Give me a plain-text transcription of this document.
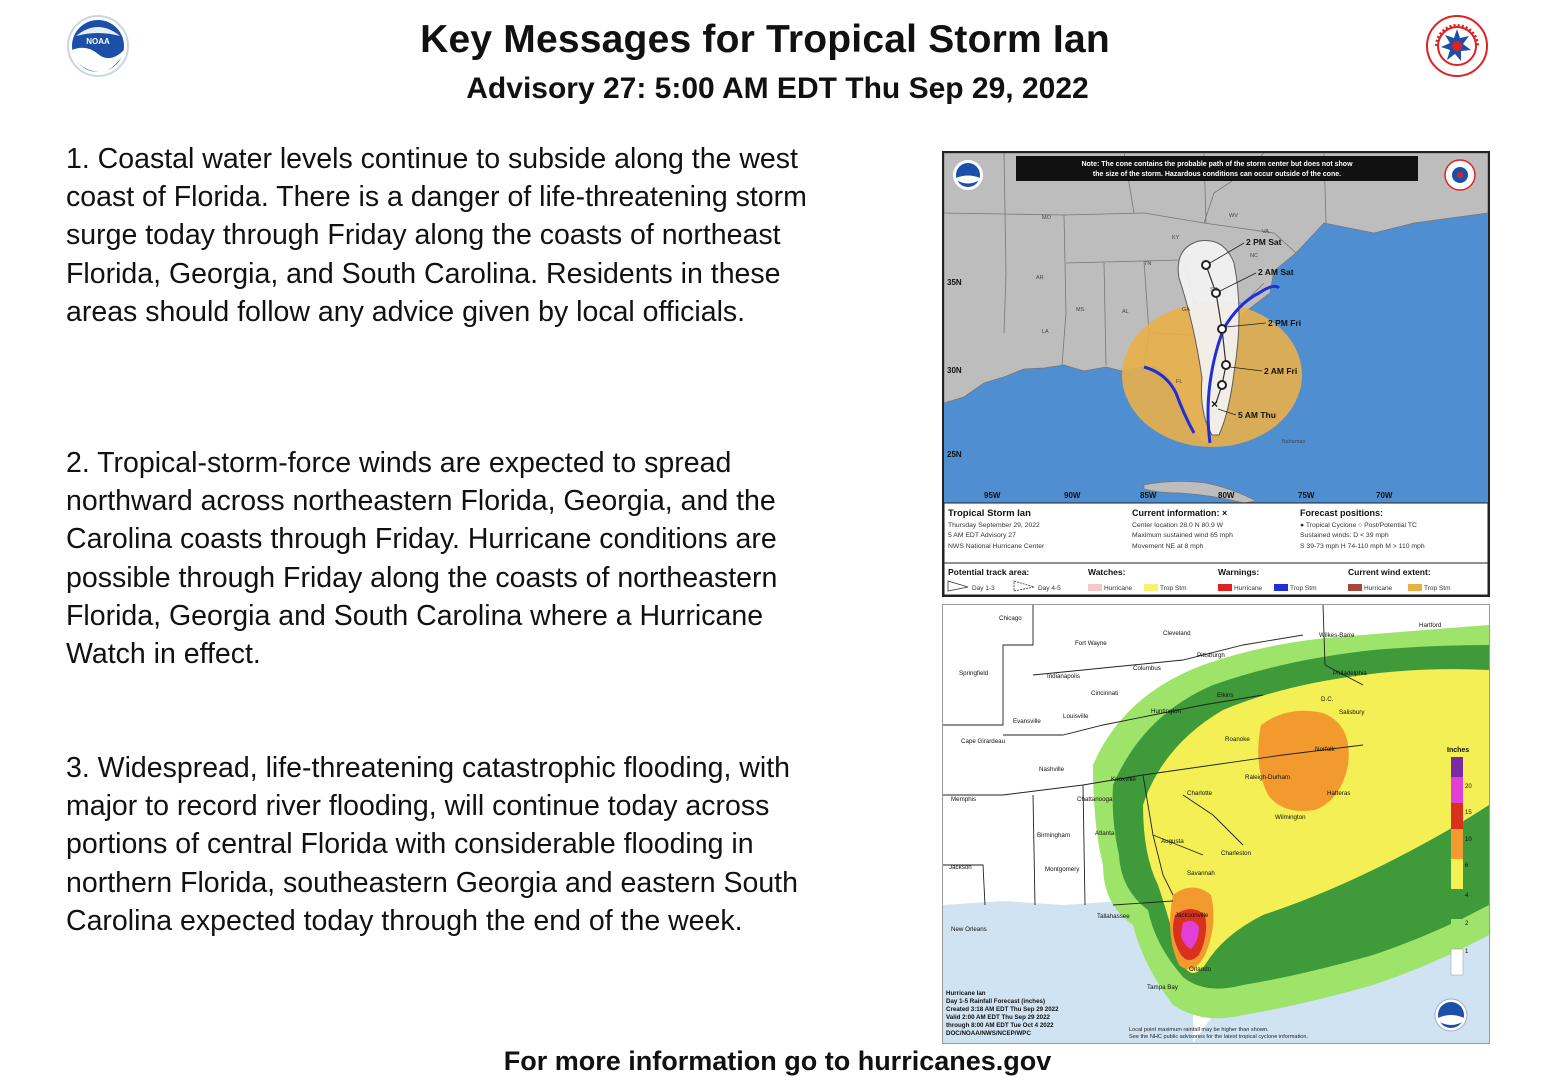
NOAA	Key Messages for Tropical Storm Ian
Advisory 27: 5:00 AM EDT Thu Sep 29, 2022

1. Coastal water levels continue to subside along the west coast of Florida. There is a danger of life-threatening storm surge today through Friday along the coasts of northeast Florida, Georgia, and South Carolina. Residents in these areas should follow any advice given by local officials.

2. Tropical-storm-force winds are expected to spread northward across northeastern Florida, Georgia, and the Carolina coasts through Friday. Hurricane conditions are possible through Friday along the coasts of northeastern Florida, Georgia and South Carolina where a Hurricane Watch in effect.

3. Widespread, life-threatening catastrophic flooding, with major to record river flooding, will continue today across portions of central Florida with considerable flooding in northern Florida, southeastern Georgia and eastern South Carolina expected today through the end of the week.

For more information go to hurricanes.gov
×
2 PM Sat
2 AM Sat
2 PM Fri
2 AM Fri
5 AM Thu
MO
KY
WV
VA
TN
NC
SC
GA
AL
MS
LA
FL
AR
Bahamas
35N
30N
25N
95W	90W	85W	80W	75W	70W
Note: The cone contains the probable path of the storm center but does not show
the size of the storm. Hazardous conditions can occur outside of the cone.
Tropical Storm Ian
Thursday September 29, 2022
5 AM EDT Advisory 27
NWS National Hurricane Center
Current information: ×
Center location 28.0 N 80.9 W
Maximum sustained wind 65 mph
Movement NE at 8 mph
Forecast positions:
● Tropical Cyclone ○ Post/Potential TC
Sustained winds: D < 39 mph
S 39-73 mph H 74-110 mph M > 110 mph
Potential track area:
Day 1-3	Day 4-5
Watches:
Hurricane	Trop Stm
Warnings:
Hurricane	Trop Stm
Current wind extent:
Hurricane	Trop Stm
Inches
20
15
10
6
4
2
1
Chicago
Fort Wayne
Cleveland	Wilkes-Barre
Hartford
Pittsburgh
Columbus
Springfield	Indianapolis	Philadelphia
Cincinnati
D.C.
Louisville
Huntington	Salisbury
Evansville
Cape Girardeau	Roanoke
Norfolk
Nashville
Knoxville	Raleigh-Durham
Memphis	Chattanooga
Charlotte	Hatteras
Wilmington
Birmingham	Atlanta
Augusta
Charleston
Jackson	Montgomery
Savannah
Tallahassee
New Orleans
Jacksonville
Orlando
Tampa Bay
Elkins
Hurricane Ian
Day 1-5 Rainfall Forecast (inches)
Created 3:18 AM EDT Thu Sep 29 2022
Valid 2:00 AM EDT Thu Sep 29 2022
through 8:00 AM EDT Tue Oct 4 2022
DOC/NOAA/NWS/NCEP/WPC	Local point maximum rainfall may be higher than shown.
See the NHC public advisories for the latest tropical cyclone information.
